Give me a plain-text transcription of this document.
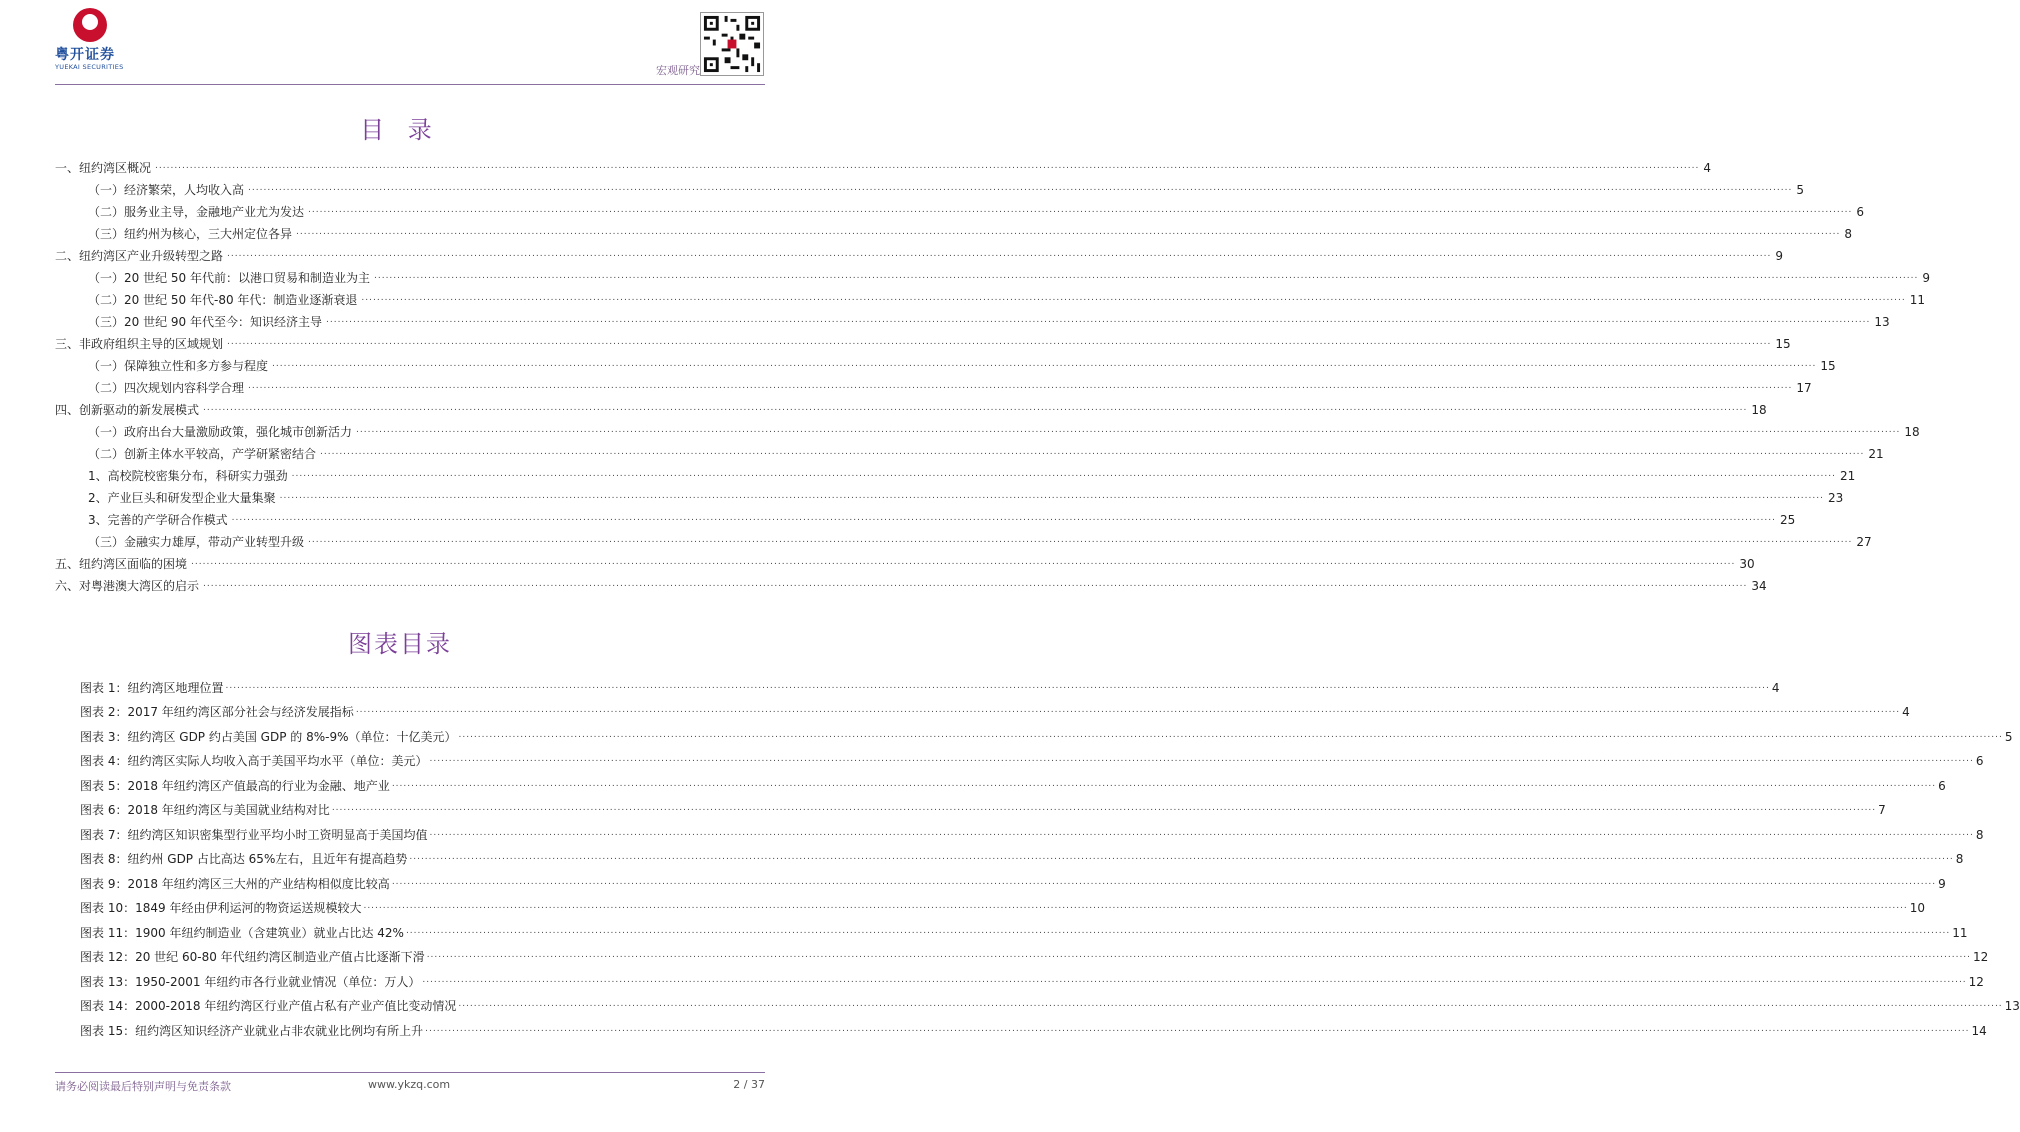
粤开证券
YUEKAI SECURITIES	宏观研究
目 录
一、纽约湾区概况 ................................................................................................................................................................................................................................................................................................................................................................................................................ 4
（一）经济繁荣，人均收入高 ................................................................................................................................................................................................................................................................................................................................................................................................................ 5
（二）服务业主导，金融地产业尤为发达 ................................................................................................................................................................................................................................................................................................................................................................................................................ 6
（三）纽约州为核心，三大州定位各异 ................................................................................................................................................................................................................................................................................................................................................................................................................ 8
二、纽约湾区产业升级转型之路 ................................................................................................................................................................................................................................................................................................................................................................................................................ 9
（一）20 世纪 50 年代前：以港口贸易和制造业为主 ................................................................................................................................................................................................................................................................................................................................................................................................................ 9
（二）20 世纪 50 年代-80 年代：制造业逐渐衰退 ................................................................................................................................................................................................................................................................................................................................................................................................................ 11
（三）20 世纪 90 年代至今：知识经济主导 ................................................................................................................................................................................................................................................................................................................................................................................................................ 13
三、非政府组织主导的区域规划 ................................................................................................................................................................................................................................................................................................................................................................................................................ 15
（一）保障独立性和多方参与程度 ................................................................................................................................................................................................................................................................................................................................................................................................................ 15
（二）四次规划内容科学合理 ................................................................................................................................................................................................................................................................................................................................................................................................................ 17
四、创新驱动的新发展模式 ................................................................................................................................................................................................................................................................................................................................................................................................................ 18
（一）政府出台大量激励政策，强化城市创新活力 ................................................................................................................................................................................................................................................................................................................................................................................................................ 18
（二）创新主体水平较高，产学研紧密结合 ................................................................................................................................................................................................................................................................................................................................................................................................................ 21
1、高校院校密集分布，科研实力强劲 ................................................................................................................................................................................................................................................................................................................................................................................................................ 21
2、产业巨头和研发型企业大量集聚 ................................................................................................................................................................................................................................................................................................................................................................................................................ 23
3、完善的产学研合作模式 ................................................................................................................................................................................................................................................................................................................................................................................................................ 25
（三）金融实力雄厚，带动产业转型升级 ................................................................................................................................................................................................................................................................................................................................................................................................................ 27
五、纽约湾区面临的困境 ................................................................................................................................................................................................................................................................................................................................................................................................................ 30
六、对粤港澳大湾区的启示 ................................................................................................................................................................................................................................................................................................................................................................................................................ 34
图表目录
图表 1： 纽约湾区地理位置 ................................................................................................................................................................................................................................................................................................................................................................................................................ 4
图表 2： 2017 年纽约湾区部分社会与经济发展指标 ................................................................................................................................................................................................................................................................................................................................................................................................................ 4
图表 3： 纽约湾区 GDP 约占美国 GDP 的 8%-9%（单位：十亿美元） ................................................................................................................................................................................................................................................................................................................................................................................................................ 5
图表 4： 纽约湾区实际人均收入高于美国平均水平（单位：美元） ................................................................................................................................................................................................................................................................................................................................................................................................................ 6
图表 5： 2018 年纽约湾区产值最高的行业为金融、地产业 ................................................................................................................................................................................................................................................................................................................................................................................................................ 6
图表 6： 2018 年纽约湾区与美国就业结构对比 ................................................................................................................................................................................................................................................................................................................................................................................................................ 7
图表 7： 纽约湾区知识密集型行业平均小时工资明显高于美国均值 ................................................................................................................................................................................................................................................................................................................................................................................................................ 8
图表 8： 纽约州 GDP 占比高达 65%左右，且近年有提高趋势 ................................................................................................................................................................................................................................................................................................................................................................................................................ 8
图表 9： 2018 年纽约湾区三大州的产业结构相似度比较高 ................................................................................................................................................................................................................................................................................................................................................................................................................ 9
图表 10： 1849 年经由伊利运河的物资运送规模较大 ................................................................................................................................................................................................................................................................................................................................................................................................................ 10
图表 11： 1900 年纽约制造业（含建筑业）就业占比达 42% ................................................................................................................................................................................................................................................................................................................................................................................................................ 11
图表 12： 20 世纪 60-80 年代纽约湾区制造业产值占比逐渐下滑 ................................................................................................................................................................................................................................................................................................................................................................................................................ 12
图表 13： 1950-2001 年纽约市各行业就业情况（单位：万人） ................................................................................................................................................................................................................................................................................................................................................................................................................ 12
图表 14： 2000-2018 年纽约湾区行业产值占私有产业产值比变动情况 ................................................................................................................................................................................................................................................................................................................................................................................................................ 13
图表 15： 纽约湾区知识经济产业就业占非农就业比例均有所上升 ................................................................................................................................................................................................................................................................................................................................................................................................................ 14
请务必阅读最后特别声明与免责条款	www.ykzq.com	2 / 37
